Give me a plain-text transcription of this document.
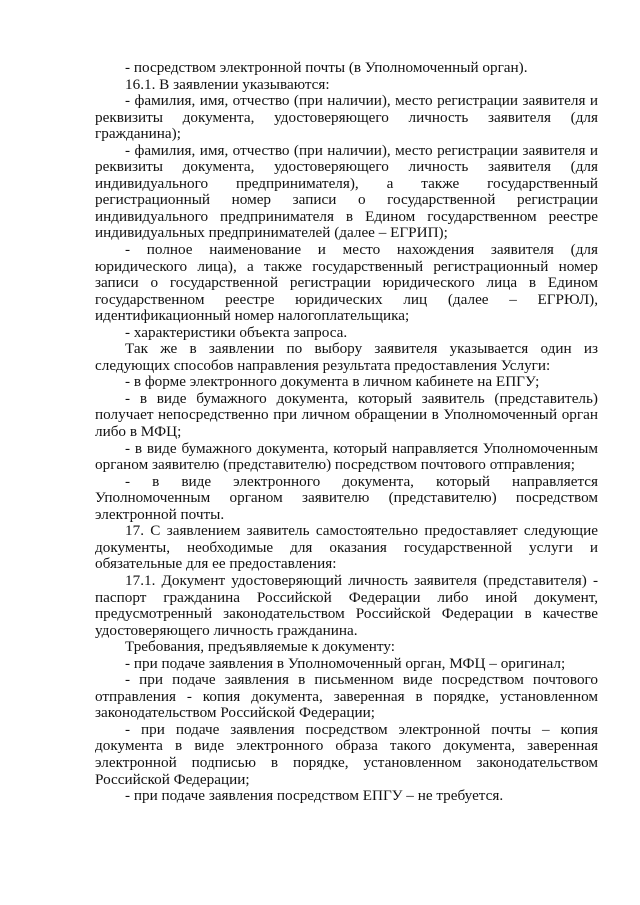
- посредством электронной почты (в Уполномоченный орган).

16.1. В заявлении указываются:

- фамилия, имя, отчество (при наличии), место регистрации заявителя и реквизиты документа, удостоверяющего личность заявителя (для гражданина);

- фамилия, имя, отчество (при наличии), место регистрации заявителя и реквизиты документа, удостоверяющего личность заявителя (для индивидуального предпринимателя), а также государственный регистрационный номер записи о государственной регистрации индивидуального предпринимателя в Едином государственном реестре индивидуальных предпринимателей (далее – ЕГРИП);

- полное наименование и место нахождения заявителя (для юридического лица), а также государственный регистрационный номер записи о государственной регистрации юридического лица в Едином государственном реестре юридических лиц (далее – ЕГРЮЛ), идентификационный номер налогоплательщика;

- характеристики объекта запроса.

Так же в заявлении по выбору заявителя указывается один из следующих способов направления результата предоставления Услуги:

- в форме электронного документа в личном кабинете на ЕПГУ;

- в виде бумажного документа, который заявитель (представитель) получает непосредственно при личном обращении в Уполномоченный орган либо в МФЦ;

- в виде бумажного документа, который направляется Уполномоченным органом заявителю (представителю) посредством почтового отправления;

- в виде электронного документа, который направляется Уполномоченным органом заявителю (представителю) посредством электронной почты.

17. С заявлением заявитель самостоятельно предоставляет следующие документы, необходимые для оказания государственной услуги и обязательные для ее предоставления:

17.1. Документ удостоверяющий личность заявителя (представителя) - паспорт гражданина Российской Федерации либо иной документ, предусмотренный законодательством Российской Федерации в качестве удостоверяющего личность гражданина.

Требования, предъявляемые к документу:

- при подаче заявления в Уполномоченный орган, МФЦ – оригинал;

- при подаче заявления в письменном виде посредством почтового отправления - копия документа, заверенная в порядке, установленном законодательством Российской Федерации;

- при подаче заявления посредством электронной почты – копия документа в виде электронного образа такого документа, заверенная электронной подписью в порядке, установленном законодательством Российской Федерации;

- при подаче заявления посредством ЕПГУ – не требуется.
